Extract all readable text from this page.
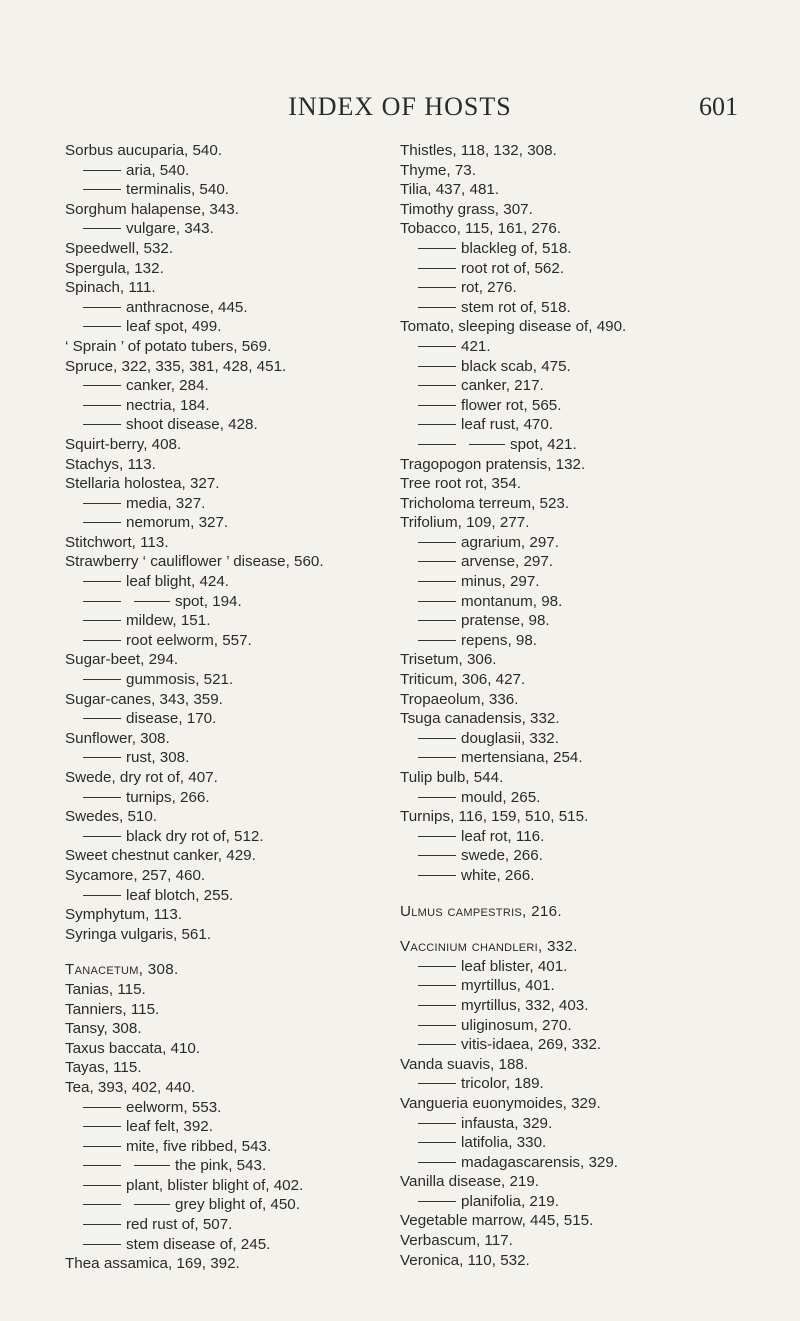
INDEX OF HOSTS	601
Sorbus aucuparia, 540.
aria, 540.
terminalis, 540.
Sorghum halapense, 343.
vulgare, 343.
Speedwell, 532.
Spergula, 132.
Spinach, 111.
anthracnose, 445.
leaf spot, 499.
‘ Sprain ’ of potato tubers, 569.
Spruce, 322, 335, 381, 428, 451.
canker, 284.
nectria, 184.
shoot disease, 428.
Squirt-berry, 408.
Stachys, 113.
Stellaria holostea, 327.
media, 327.
nemorum, 327.
Stitchwort, 113.
Strawberry ‘ cauliflower ’ disease, 560.
leaf blight, 424.
spot, 194.
mildew, 151.
root eelworm, 557.
Sugar-beet, 294.
gummosis, 521.
Sugar-canes, 343, 359.
disease, 170.
Sunflower, 308.
rust, 308.
Swede, dry rot of, 407.
turnips, 266.
Swedes, 510.
black dry rot of, 512.
Sweet chestnut canker, 429.
Sycamore, 257, 460.
leaf blotch, 255.
Symphytum, 113.
Syringa vulgaris, 561.
Tanacetum, 308.
Tanias, 115.
Tanniers, 115.
Tansy, 308.
Taxus baccata, 410.
Tayas, 115.
Tea, 393, 402, 440.
eelworm, 553.
leaf felt, 392.
mite, five ribbed, 543.
the pink, 543.
plant, blister blight of, 402.
grey blight of, 450.
red rust of, 507.
stem disease of, 245.
Thea assamica, 169, 392.
Thistles, 118, 132, 308.
Thyme, 73.
Tilia, 437, 481.
Timothy grass, 307.
Tobacco, 115, 161, 276.
blackleg of, 518.
root rot of, 562.
rot, 276.
stem rot of, 518.
Tomato, sleeping disease of, 490.
421.
black scab, 475.
canker, 217.
flower rot, 565.
leaf rust, 470.
spot, 421.
Tragopogon pratensis, 132.
Tree root rot, 354.
Tricholoma terreum, 523.
Trifolium, 109, 277.
agrarium, 297.
arvense, 297.
minus, 297.
montanum, 98.
pratense, 98.
repens, 98.
Trisetum, 306.
Triticum, 306, 427.
Tropaeolum, 336.
Tsuga canadensis, 332.
douglasii, 332.
mertensiana, 254.
Tulip bulb, 544.
mould, 265.
Turnips, 116, 159, 510, 515.
leaf rot, 116.
swede, 266.
white, 266.
Ulmus campestris, 216.
Vaccinium chandleri, 332.
leaf blister, 401.
myrtillus, 401.
myrtillus, 332, 403.
uliginosum, 270.
vitis-idaea, 269, 332.
Vanda suavis, 188.
tricolor, 189.
Vangueria euonymoides, 329.
infausta, 329.
latifolia, 330.
madagascarensis, 329.
Vanilla disease, 219.
planifolia, 219.
Vegetable marrow, 445, 515.
Verbascum, 117.
Veronica, 110, 532.
